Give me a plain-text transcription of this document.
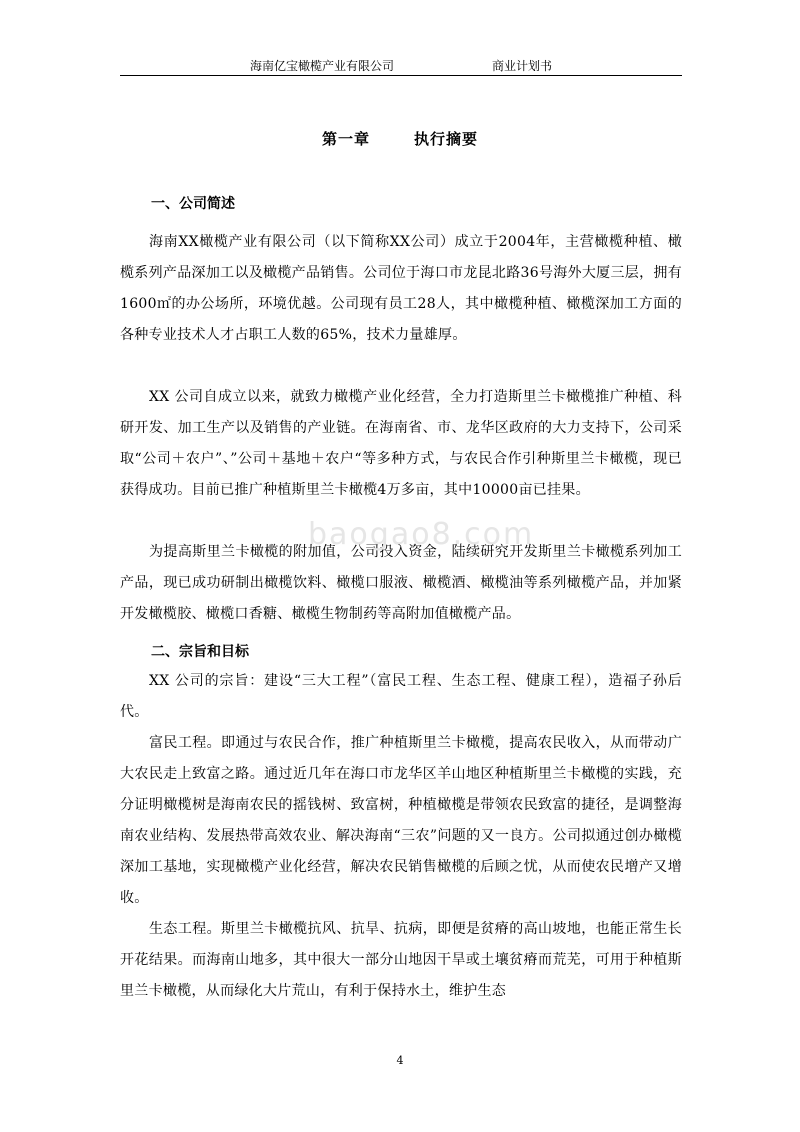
海南亿宝橄榄产业有限公司	商业计划书
第一章	执行摘要
一、公司简述

海南XX橄榄产业有限公司（以下简称XX公司）成立于2004年，主营橄榄种植、橄榄系列产品深加工以及橄榄产品销售。公司位于海口市龙昆北路36号海外大厦三层，拥有1600㎡的办公场所，环境优越。公司现有员工28人，其中橄榄种植、橄榄深加工方面的各种专业技术人才占职工人数的65%，技术力量雄厚。

XX 公司自成立以来，就致力橄榄产业化经营，全力打造斯里兰卡橄榄推广种植、科研开发、加工生产以及销售的产业链。在海南省、市、龙华区政府的大力支持下，公司采取“公司＋农户”、”公司＋基地＋农户“等多种方式，与农民合作引种斯里兰卡橄榄，现已获得成功。目前已推广种植斯里兰卡橄榄4万多亩，其中10000亩已挂果。

为提高斯里兰卡橄榄的附加值，公司投入资金，陆续研究开发斯里兰卡橄榄系列加工产品，现已成功研制出橄榄饮料、橄榄口服液、橄榄酒、橄榄油等系列橄榄产品，并加紧开发橄榄胶、橄榄口香糖、橄榄生物制药等高附加值橄榄产品。

二、宗旨和目标

XX 公司的宗旨：建设“三大工程”（富民工程、生态工程、健康工程），造福子孙后代。

富民工程。即通过与农民合作，推广种植斯里兰卡橄榄，提高农民收入，从而带动广大农民走上致富之路。通过近几年在海口市龙华区羊山地区种植斯里兰卡橄榄的实践，充分证明橄榄树是海南农民的摇钱树、致富树，种植橄榄是带领农民致富的捷径，是调整海南农业结构、发展热带高效农业、解决海南“三农”问题的又一良方。公司拟通过创办橄榄深加工基地，实现橄榄产业化经营，解决农民销售橄榄的后顾之忧，从而使农民增产又增收。

生态工程。斯里兰卡橄榄抗风、抗旱、抗病，即便是贫瘠的高山坡地，也能正常生长开花结果。而海南山地多，其中很大一部分山地因干旱或土壤贫瘠而荒芜，可用于种植斯里兰卡橄榄，从而绿化大片荒山，有利于保持水土，维护生态

baogao8.com
4
